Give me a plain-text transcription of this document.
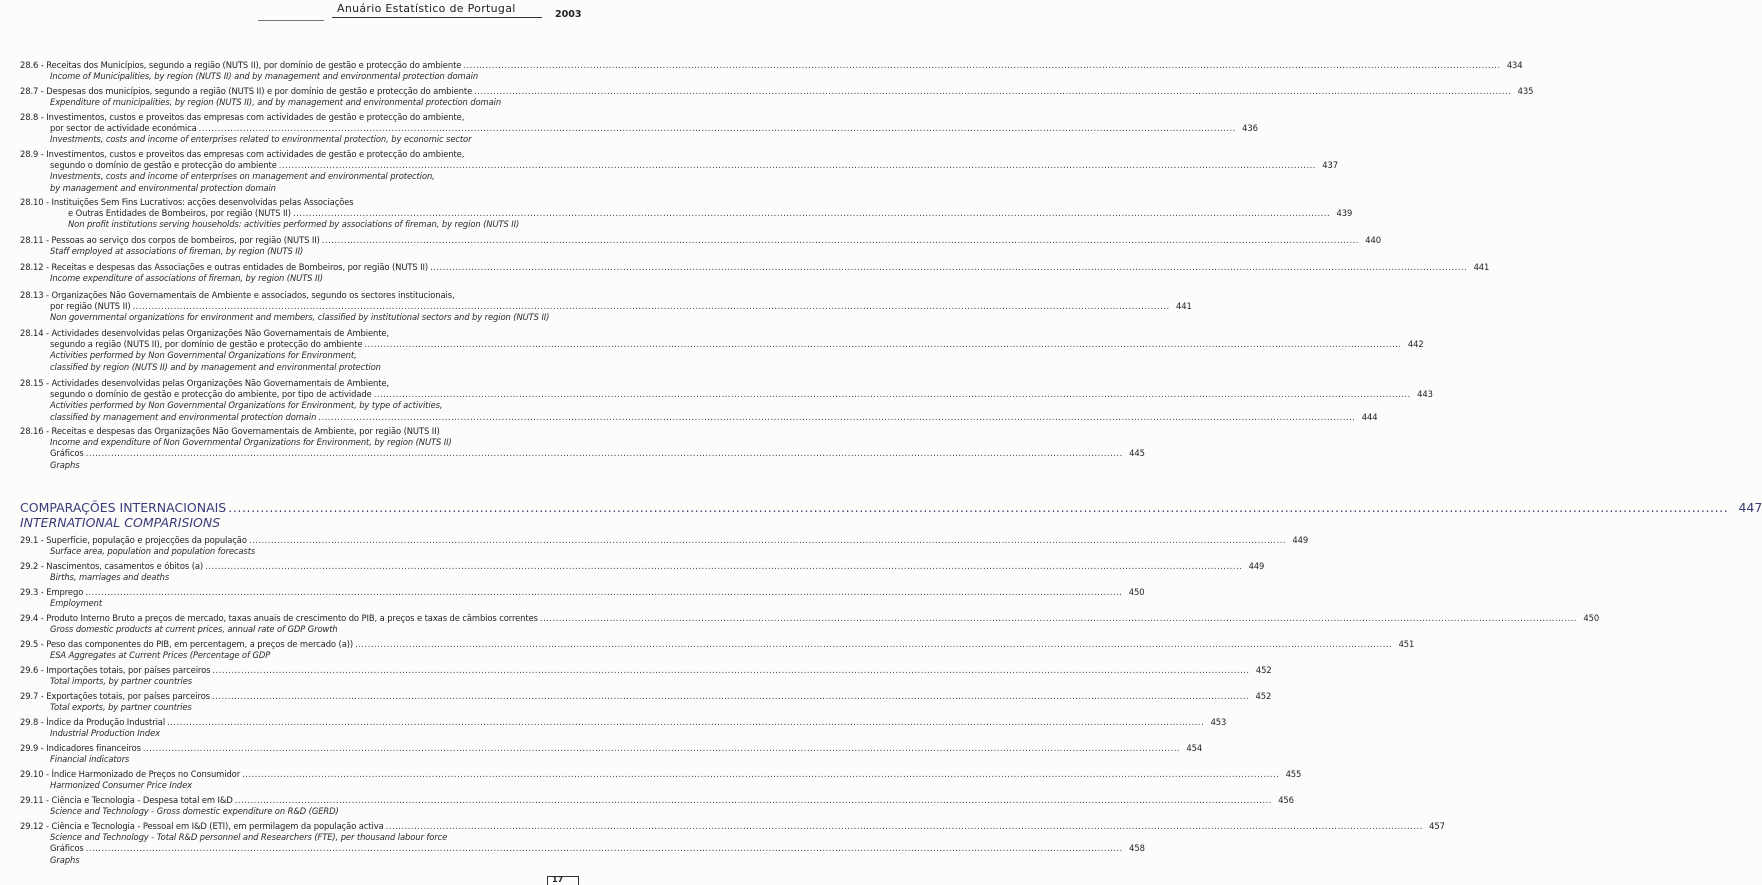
Anuário Estatístico de Portugal	2003
28.6 - Receitas dos Municípios, segundo a região (NUTS II), por domínio de gestão e protecção do ambiente .....	434
Income of Municipalities, by region (NUTS II) and by management and environmental protection domain
28.7 - Despesas dos municípios, segundo a região (NUTS II) e por domínio de gestão e protecção do ambiente .....	435
Expenditure of municipalities, by region (NUTS II), and by management and environmental protection domain
28.8 - Investimentos, custos e proveitos das empresas com actividades de gestão e protecção do ambiente,
por sector de actividade económica .....	436
Investments, costs and income of enterprises related to environmental protection, by economic sector
28.9 - Investimentos, custos e proveitos das empresas com actividades de gestão e protecção do ambiente,
segundo o domínio de gestão e protecção do ambiente .....	437
Investments, costs and income of enterprises on management and environmental protection,
by management and environmental protection domain
28.10 - Instituições Sem Fins Lucrativos: acções desenvolvidas pelas Associações
e Outras Entidades de Bombeiros, por região (NUTS II) .....	439
Non profit institutions serving households: activities performed by associations of fireman, by region (NUTS II)
28.11 - Pessoas ao serviço dos corpos de bombeiros, por região (NUTS II) .....	440
Staff employed at associations of fireman, by region (NUTS II)
28.12 - Receitas e despesas das Associações e outras entidades de Bombeiros, por região (NUTS II) .....	441
Income expenditure of associations of fireman, by region (NUTS II)
28.13 - Organizações Não Governamentais de Ambiente e associados, segundo os sectores institucionais,
por região (NUTS II) .....	441
Non governmental organizations for environment and members, classified by institutional sectors and by region (NUTS II)
28.14 - Actividades desenvolvidas pelas Organizações Não Governamentais de Ambiente,
segundo a região (NUTS II), por domínio de gestão e protecção do ambiente .....	442
Activities performed by Non Governmental Organizations for Environment,
classified by region (NUTS II) and by management and environmental protection
28.15 - Actividades desenvolvidas pelas Organizações Não Governamentais de Ambiente,
segundo o domínio de gestão e protecção do ambiente, por tipo de actividade .....	443
Activities performed by Non Governmental Organizations for Environment, by type of activities,
classified by management and environmental protection domain .....	444
28.16 - Receitas e despesas das Organizações Não Governamentais de Ambiente, por região (NUTS II)
Income and expenditure of Non Governmental Organizations for Environment, by region (NUTS II)
Gráficos .....	445
Graphs
COMPARAÇÕES INTERNACIONAIS .....	447
INTERNATIONAL COMPARISIONS
29.1 - Superfície, população e projecções da população .....	449
Surface area, population and population forecasts
29.2 - Nascimentos, casamentos e óbitos (a) .....	449
Births, marriages and deaths
29.3 - Emprego .....	450
Employment
29.4 - Produto Interno Bruto a preços de mercado, taxas anuais de crescimento do PIB, a preços e taxas de câmbios correntes .....	450
Gross domestic products at current prices, annual rate of GDP Growth
29.5 - Peso das componentes do PIB, em percentagem, a preços de mercado (a)) .....	451
ESA Aggregates at Current Prices (Percentage of GDP
29.6 - Importações totais, por países parceiros .....	452
Total imports, by partner countries
29.7 - Exportações totais, por países parceiros .....	452
Total exports, by partner countries
29.8 - Índice da Produção Industrial .....	453
Industrial Production Index
29.9 - Indicadores financeiros .....	454
Financial indicators
29.10 - Índice Harmonizado de Preços no Consumidor .....	455
Harmonized Consumer Price Index
29.11 - Ciência e Tecnologia - Despesa total em I&D .....	456
Science and Technology - Gross domestic expenditure on R&D (GERD)
29.12 - Ciência e Tecnologia - Pessoal em I&D (ETI), em permilagem da população activa .....	457
Science and Technology - Total R&D personnel and Researchers (FTE), per thousand labour force
Gráficos .....	458
Graphs
17
